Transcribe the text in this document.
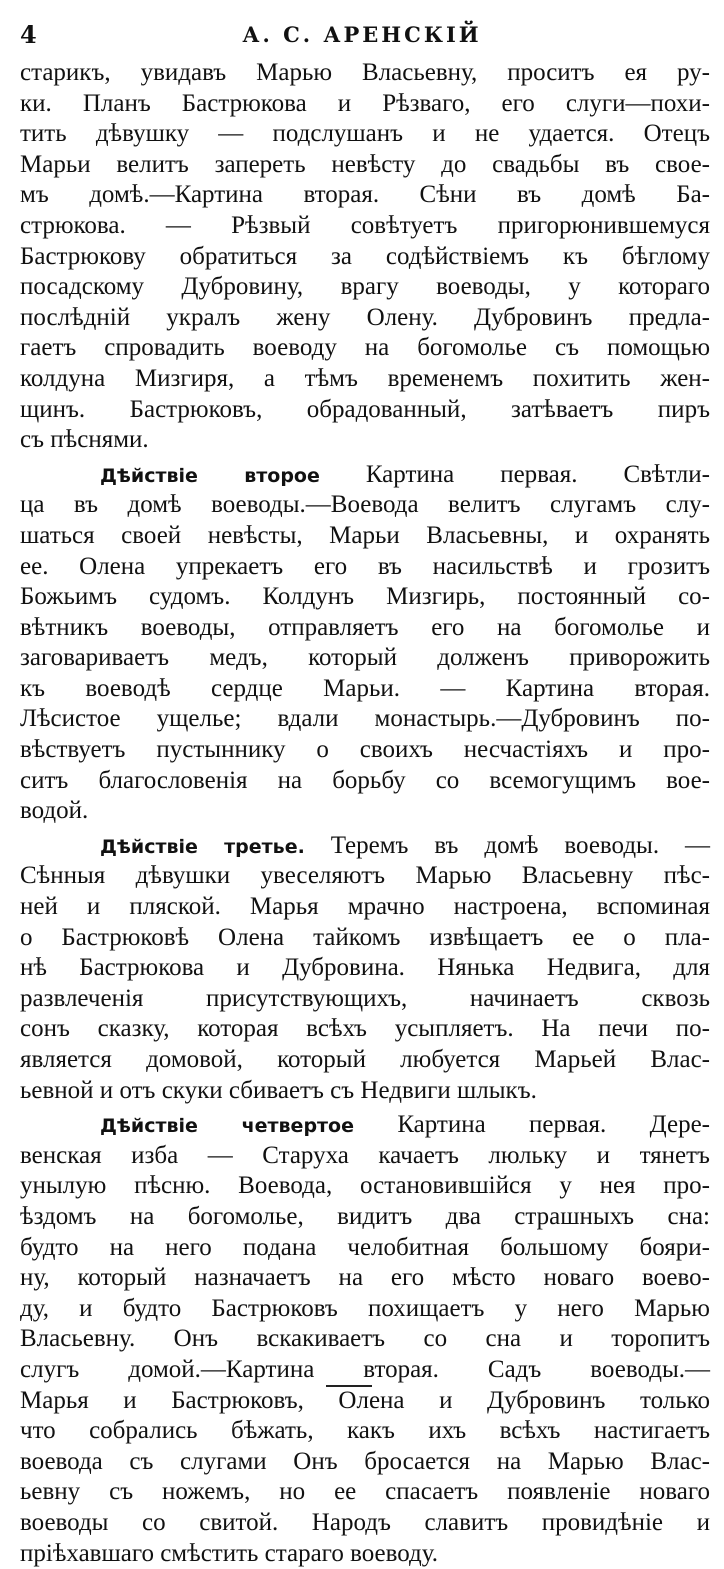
4	А. С. АРЕНСКІЙ
старикъ, увидавъ Марью Власьевну, проситъ ея ру-
ки. Планъ Бастрюкова и Рѣзваго, его слуги—похи-
тить дѣвушку — подслушанъ и не удается. Отецъ
Марьи велитъ запереть невѣсту до свадьбы въ свое-
мъ домѣ.—Картина вторая. Сѣни въ домѣ Ба-
стрюкова. — Рѣзвый совѣтуетъ пригорюнившемуся
Бастрюкову обратиться за содѣйствіемъ къ бѣглому
посадскому Дубровину, врагу воеводы, у котораго
послѣдній укралъ жену Олену. Дубровинъ предла-
гаетъ спровадить воеводу на богомолье съ помощью
колдуна Мизгиря, а тѣмъ временемъ похитить жен-
щинъ. Бастрюковъ, обрадованный, затѣваетъ пиръ
съ пѣснями.
Дѣйствіе второе Картина первая. Свѣтли-
ца въ домѣ воеводы.—Воевода велитъ слугамъ слу-
шаться своей невѣсты, Марьи Власьевны, и охранять
ее. Олена упрекаетъ его въ насильствѣ и грозитъ
Божьимъ судомъ. Колдунъ Мизгирь, постоянный со-
вѣтникъ воеводы, отправляетъ его на богомолье и
заговариваетъ медъ, который долженъ приворожить
къ воеводѣ сердце Марьи. — Картина вторая.
Лѣсистое ущелье; вдали монастырь.—Дубровинъ по-
вѣствуетъ пустыннику о своихъ несчастіяхъ и про-
ситъ благословенія на борьбу со всемогущимъ вое-
водой.
Дѣйствіе третье. Теремъ въ домѣ воеводы. —
Сѣнныя дѣвушки увеселяютъ Марью Власьевну пѣс-
ней и пляской. Марья мрачно настроена, вспоминая
о Бастрюковѣ Олена тайкомъ извѣщаетъ ее о пла-
нѣ Бастрюкова и Дубровина. Нянька Недвига, для
развлеченія присутствующихъ, начинаетъ сквозь
сонъ сказку, которая всѣхъ усыпляетъ. На печи по-
является домовой, который любуется Марьей Влас-
ьевной и отъ скуки сбиваетъ съ Недвиги шлыкъ.
Дѣйствіе четвертое Картина первая. Дере-
венская изба — Старуха качаетъ люльку и тянетъ
унылую пѣсню. Воевода, остановившійся у нея про-
ѣздомъ на богомолье, видитъ два страшныхъ сна:
будто на него подана челобитная большому бояри-
ну, который назначаетъ на его мѣсто новаго воево-
ду, и будто Бастрюковъ похищаетъ у него Марью
Власьевну. Онъ вскакиваетъ со сна и торопитъ
слугъ домой.—Картина вторая. Садъ воеводы.—
Марья и Бастрюковъ, Олена и Дубровинъ только
что собрались бѣжать, какъ ихъ всѣхъ настигаетъ
воевода съ слугами Онъ бросается на Марью Влас-
ьевну съ ножемъ, но ее спасаетъ появленіе новаго
воеводы со свитой. Народъ славитъ провидѣніе и
пріѣхавшаго смѣстить стараго воеводу.
